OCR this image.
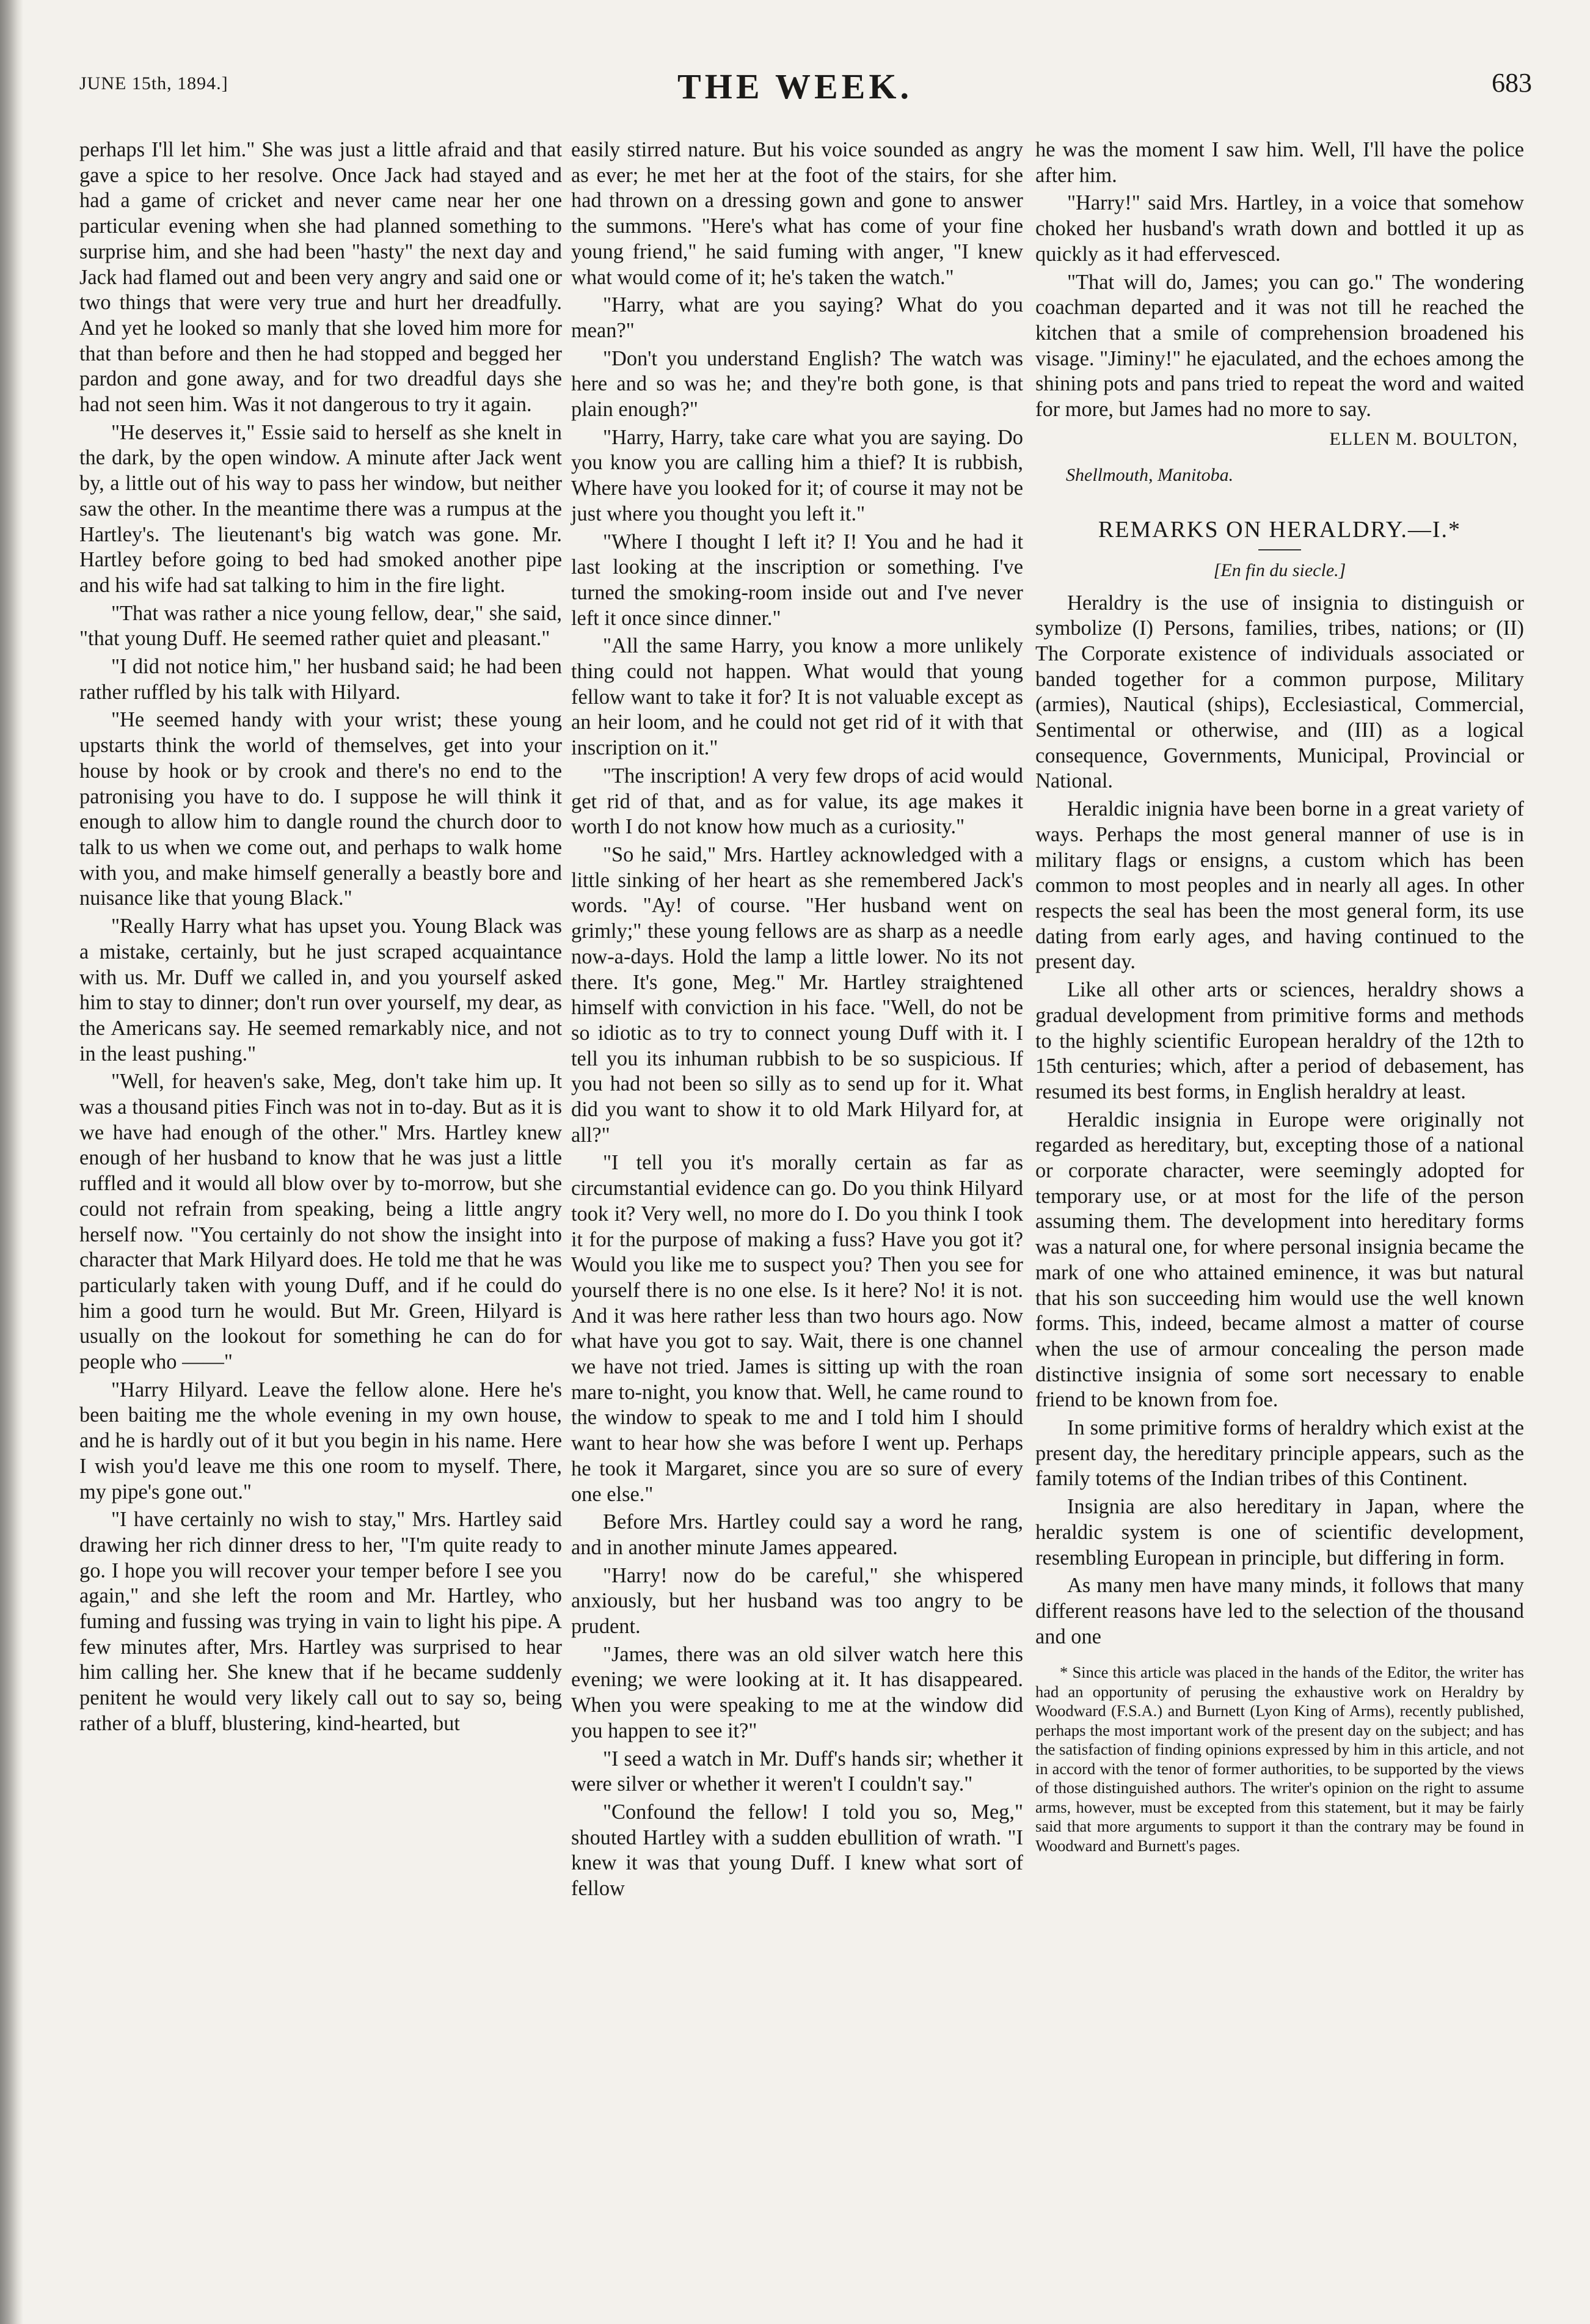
JUNE 15th, 1894.]	THE WEEK.	683

perhaps I'll let him." She was just a little afraid and that gave a spice to her resolve. Once Jack had stayed and had a game of cricket and never came near her one particular evening when she had planned something to surprise him, and she had been "hasty" the next day and Jack had flamed out and been very angry and said one or two things that were very true and hurt her dreadfully. And yet he looked so manly that she loved him more for that than before and then he had stopped and begged her pardon and gone away, and for two dreadful days she had not seen him. Was it not dangerous to try it again.

"He deserves it," Essie said to herself as she knelt in the dark, by the open window. A minute after Jack went by, a little out of his way to pass her window, but neither saw the other. In the meantime there was a rumpus at the Hartley's. The lieutenant's big watch was gone. Mr. Hartley before going to bed had smoked another pipe and his wife had sat talking to him in the fire light.

"That was rather a nice young fellow, dear," she said, "that young Duff. He seemed rather quiet and pleasant."

"I did not notice him," her husband said; he had been rather ruffled by his talk with Hilyard.

"He seemed handy with your wrist; these young upstarts think the world of themselves, get into your house by hook or by crook and there's no end to the patronising you have to do. I suppose he will think it enough to allow him to dangle round the church door to talk to us when we come out, and perhaps to walk home with you, and make himself generally a beastly bore and nuisance like that young Black."

"Really Harry what has upset you. Young Black was a mistake, certainly, but he just scraped acquaintance with us. Mr. Duff we called in, and you yourself asked him to stay to dinner; don't run over yourself, my dear, as the Americans say. He seemed remarkably nice, and not in the least pushing."

"Well, for heaven's sake, Meg, don't take him up. It was a thousand pities Finch was not in to-day. But as it is we have had enough of the other." Mrs. Hartley knew enough of her husband to know that he was just a little ruffled and it would all blow over by to-morrow, but she could not refrain from speaking, being a little angry herself now. "You certainly do not show the insight into character that Mark Hilyard does. He told me that he was particularly taken with young Duff, and if he could do him a good turn he would. But Mr. Green, Hilyard is usually on the lookout for something he can do for people who ——"

"Harry Hilyard. Leave the fellow alone. Here he's been baiting me the whole evening in my own house, and he is hardly out of it but you begin in his name. Here I wish you'd leave me this one room to myself. There, my pipe's gone out."

"I have certainly no wish to stay," Mrs. Hartley said drawing her rich dinner dress to her, "I'm quite ready to go. I hope you will recover your temper before I see you again," and she left the room and Mr. Hartley, who fuming and fussing was trying in vain to light his pipe. A few minutes after, Mrs. Hartley was surprised to hear him calling her. She knew that if he became suddenly penitent he would very likely call out to say so, being rather of a bluff, blustering, kind-hearted, but

easily stirred nature. But his voice sounded as angry as ever; he met her at the foot of the stairs, for she had thrown on a dressing gown and gone to answer the summons. "Here's what has come of your fine young friend," he said fuming with anger, "I knew what would come of it; he's taken the watch."

"Harry, what are you saying? What do you mean?"

"Don't you understand English? The watch was here and so was he; and they're both gone, is that plain enough?"

"Harry, Harry, take care what you are saying. Do you know you are calling him a thief? It is rubbish, Where have you looked for it; of course it may not be just where you thought you left it."

"Where I thought I left it? I! You and he had it last looking at the inscription or something. I've turned the smoking-room inside out and I've never left it once since dinner."

"All the same Harry, you know a more unlikely thing could not happen. What would that young fellow want to take it for? It is not valuable except as an heir loom, and he could not get rid of it with that inscription on it."

"The inscription! A very few drops of acid would get rid of that, and as for value, its age makes it worth I do not know how much as a curiosity."

"So he said," Mrs. Hartley acknowledged with a little sinking of her heart as she remembered Jack's words. "Ay! of course. "Her husband went on grimly;" these young fellows are as sharp as a needle now-a-days. Hold the lamp a little lower. No its not there. It's gone, Meg." Mr. Hartley straightened himself with conviction in his face. "Well, do not be so idiotic as to try to connect young Duff with it. I tell you its inhuman rubbish to be so suspicious. If you had not been so silly as to send up for it. What did you want to show it to old Mark Hilyard for, at all?"

"I tell you it's morally certain as far as circumstantial evidence can go. Do you think Hilyard took it? Very well, no more do I. Do you think I took it for the purpose of making a fuss? Have you got it? Would you like me to suspect you? Then you see for yourself there is no one else. Is it here? No! it is not. And it was here rather less than two hours ago. Now what have you got to say. Wait, there is one channel we have not tried. James is sitting up with the roan mare to-night, you know that. Well, he came round to the window to speak to me and I told him I should want to hear how she was before I went up. Perhaps he took it Margaret, since you are so sure of every one else."

Before Mrs. Hartley could say a word he rang, and in another minute James appeared.

"Harry! now do be careful," she whispered anxiously, but her husband was too angry to be prudent.

"James, there was an old silver watch here this evening; we were looking at it. It has disappeared. When you were speaking to me at the window did you happen to see it?"

"I seed a watch in Mr. Duff's hands sir; whether it were silver or whether it weren't I couldn't say."

"Confound the fellow! I told you so, Meg," shouted Hartley with a sudden ebullition of wrath. "I knew it was that young Duff. I knew what sort of fellow

he was the moment I saw him. Well, I'll have the police after him.

"Harry!" said Mrs. Hartley, in a voice that somehow choked her husband's wrath down and bottled it up as quickly as it had effervesced.

"That will do, James; you can go." The wondering coachman departed and it was not till he reached the kitchen that a smile of comprehension broadened his visage. "Jiminy!" he ejaculated, and the echoes among the shining pots and pans tried to repeat the word and waited for more, but James had no more to say.

ELLEN M. BOULTON,
Shellmouth, Manitoba.
REMARKS ON HERALDRY.—I.*
[En fin du siecle.]

Heraldry is the use of insignia to distinguish or symbolize (I) Persons, families, tribes, nations; or (II) The Corporate existence of individuals associated or banded together for a common purpose, Military (armies), Nautical (ships), Ecclesiastical, Commercial, Sentimental or otherwise, and (III) as a logical consequence, Governments, Municipal, Provincial or National.

Heraldic inignia have been borne in a great variety of ways. Perhaps the most general manner of use is in military flags or ensigns, a custom which has been common to most peoples and in nearly all ages. In other respects the seal has been the most general form, its use dating from early ages, and having continued to the present day.

Like all other arts or sciences, heraldry shows a gradual development from primitive forms and methods to the highly scientific European heraldry of the 12th to 15th centuries; which, after a period of debasement, has resumed its best forms, in English heraldry at least.

Heraldic insignia in Europe were originally not regarded as hereditary, but, excepting those of a national or corporate character, were seemingly adopted for temporary use, or at most for the life of the person assuming them. The development into hereditary forms was a natural one, for where personal insignia became the mark of one who attained eminence, it was but natural that his son succeeding him would use the well known forms. This, indeed, became almost a matter of course when the use of armour concealing the person made distinctive insignia of some sort necessary to enable friend to be known from foe.

In some primitive forms of heraldry which exist at the present day, the hereditary principle appears, such as the family totems of the Indian tribes of this Continent.

Insignia are also hereditary in Japan, where the heraldic system is one of scientific development, resembling European in principle, but differing in form.

As many men have many minds, it follows that many different reasons have led to the selection of the thousand and one

* Since this article was placed in the hands of the Editor, the writer has had an opportunity of perusing the exhaustive work on Heraldry by Woodward (F.S.A.) and Burnett (Lyon King of Arms), recently published, perhaps the most important work of the present day on the subject; and has the satisfaction of finding opinions expressed by him in this article, and not in accord with the tenor of former authorities, to be supported by the views of those distinguished authors. The writer's opinion on the right to assume arms, however, must be excepted from this statement, but it may be fairly said that more arguments to support it than the contrary may be found in Woodward and Burnett's pages.
